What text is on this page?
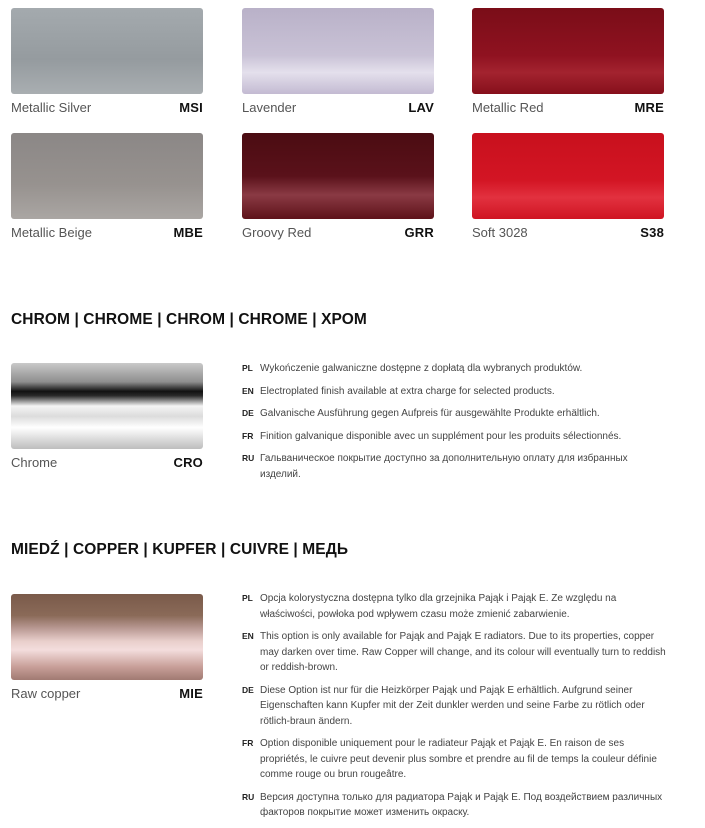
Metallic Silver	MSI	Lavender	LAV	Metallic Red	MRE
Metallic Beige	MBE	Groovy Red	GRR	Soft 3028	S38
CHROM | CHROME | CHROM | CHROME | ХРОМ
Chrome	CRO
PL Wykończenie galwaniczne dostępne z dopłatą dla wybranych produktów.
EN Electroplated finish available at extra charge for selected products.
DE Galvanische Ausführung gegen Aufpreis für ausgewählte Produkte erhältlich.
FR Finition galvanique disponible avec un supplément pour les produits sélectionnés.
RU Гальваническое покрытие доступно за дополнительную оплату для избранных изделий.
MIEDŹ | COPPER | KUPFER | CUIVRE | МЕДЬ
Raw copper	MIE
PL Opcja kolorystyczna dostępna tylko dla grzejnika Pająk i Pająk E. Ze względu na właściwości, powłoka pod wpływem czasu może zmienić zabarwienie.
EN This option is only available for Pająk and Pająk E radiators. Due to its properties, copper may darken over time. Raw Copper will change, and its colour will eventually turn to reddish or reddish-brown.
DE Diese Option ist nur für die Heizkörper Pająk und Pająk E erhältlich. Aufgrund seiner Eigenschaften kann Kupfer mit der Zeit dunkler werden und seine Farbe zu rötlich oder rötlich-braun ändern.
FR Option disponible uniquement pour le radiateur Pająk et Pająk E. En raison de ses propriétés, le cuivre peut devenir plus sombre et prendre au fil de temps la couleur définie comme rouge ou brun rougeâtre.
RU Версия доступна только для радиатора Pająk и Pająk E. Под воздействием различных факторов покрытие может изменить окраску.
